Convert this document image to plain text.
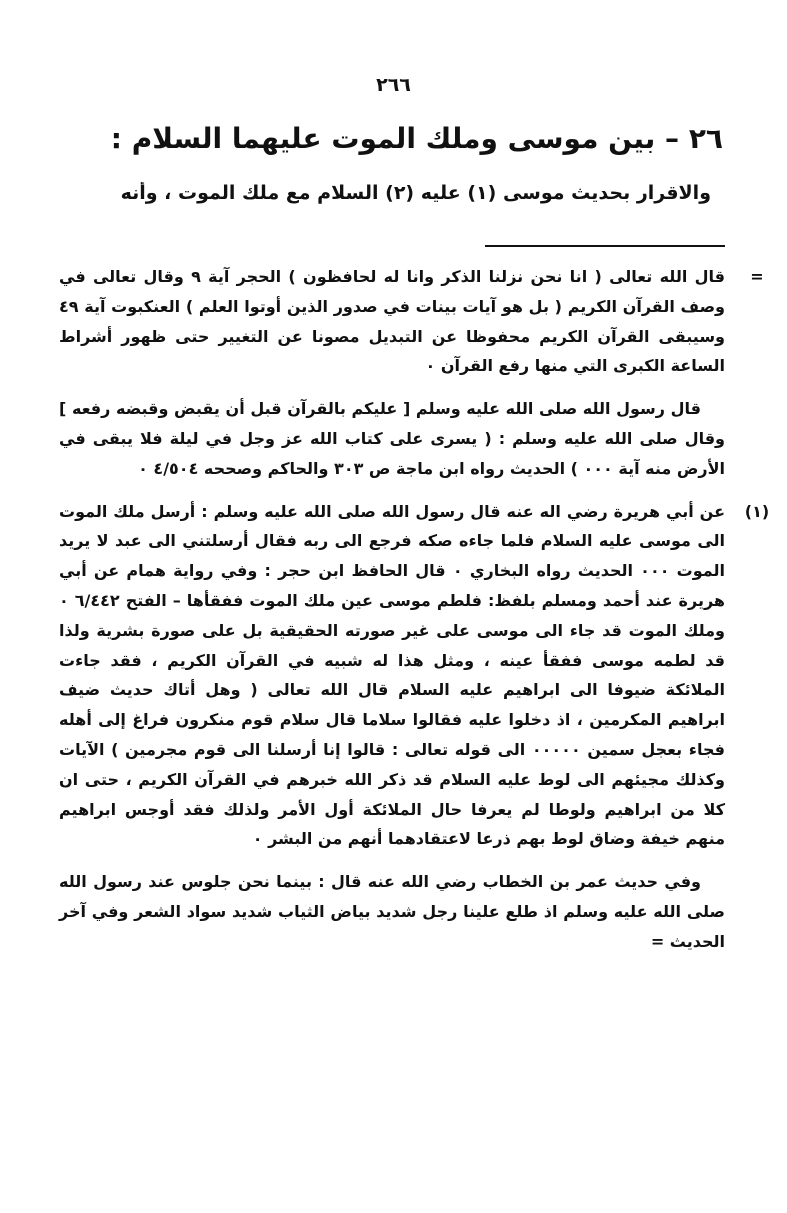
٢٦٦
٢٦ – بين موسى وملك الموت عليهما السلام :
والاقرار بحديث موسى (١) عليه (٢) السلام مع ملك الموت ، وأنه
=

قال الله تعالى ( انا نحن نزلنا الذكر وانا له لحافظون ) الحجر آية ٩ وقال تعالى في وصف القرآن الكريم ( بل هو آيات بينات في صدور الذين أوتوا العلم ) العنكبوت آية ٤٩ وسيبقى القرآن الكريم محفوظا عن التبديل مصونا عن التغيير حتى ظهور أشراط الساعة الكبرى التي منها رفع القرآن ٠

قال رسول الله صلى الله عليه وسلم [ عليكم بالقرآن قبل أن يقبض وقبضه رفعه ] وقال صلى الله عليه وسلم : ( يسرى على كتاب الله عز وجل في ليلة فلا يبقى في الأرض منه آية ٠٠٠ ) الحديث رواه ابن ماجة ص ٣٠٣ والحاكم وصححه ٤/٥٠٤ ٠

(١)

عن أبي هريرة رضي اله عنه قال رسول الله صلى الله عليه وسلم : أرسل ملك الموت الى موسى عليه السلام فلما جاءه صكه فرجع الى ربه فقال أرسلتني الى عبد لا يريد الموت ٠٠٠ الحديث رواه البخاري ٠ قال الحافظ ابن حجر : وفي رواية همام عن أبي هريرة عند أحمد ومسلم بلفظ: فلطم موسى عين ملك الموت ففقأها – الفتح ٦/٤٤٢ ٠ وملك الموت قد جاء الى موسى على غير صورته الحقيقية بل على صورة بشرية ولذا قد لطمه موسى ففقأ عينه ، ومثل هذا له شبيه في القرآن الكريم ، فقد جاءت الملائكة ضيوفا الى ابراهيم عليه السلام قال الله تعالى ( وهل أتاك حديث ضيف ابراهيم المكرمين ، اذ دخلوا عليه فقالوا سلاما قال سلام قوم منكرون فراغ إلى أهله فجاء بعجل سمين ٠٠٠٠٠ الى قوله تعالى : قالوا إنا أرسلنا الى قوم مجرمين ) الآيات وكذلك مجيئهم الى لوط عليه السلام قد ذكر الله خبرهم في القرآن الكريم ، حتى ان كلا من ابراهيم ولوطا لم يعرفا حال الملائكة أول الأمر ولذلك فقد أوجس ابراهيم منهم خيفة وضاق لوط بهم ذرعا لاعتقادهما أنهم من البشر ٠

وفي حديث عمر بن الخطاب رضي الله عنه قال : بينما نحن جلوس عند رسول الله صلى الله عليه وسلم اذ طلع علينا رجل شديد بياض الثياب شديد سواد الشعر وفي آخر الحديث =
